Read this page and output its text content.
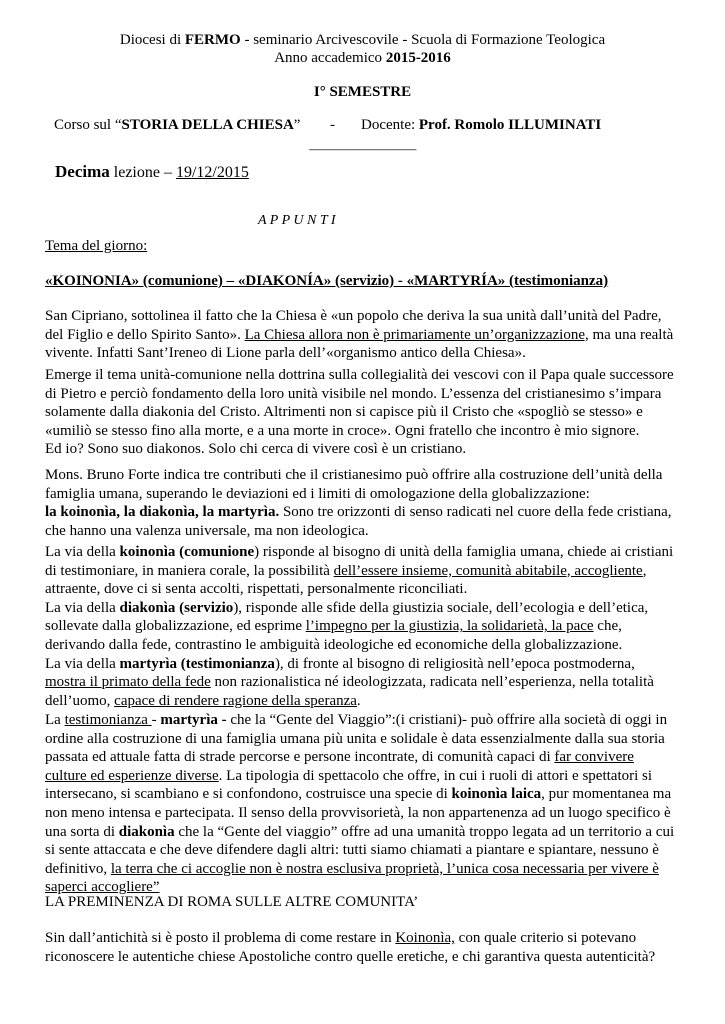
Diocesi di FERMO - seminario Arcivescovile - Scuola di Formazione Teologica
Anno accademico 2015-2016
I° SEMESTRE
Corso sul “STORIA DELLA CHIESA” - Docente: Prof. Romolo ILLUMINATI
-------------------------------------------
Decima lezione – 19/12/2015
A P P U N T I
Tema del giorno:
«KOINONIA» (comunione) – «DIAKONÍA» (servizio) - «MARTYRÍA» (testimonianza)
San Cipriano, sottolinea il fatto che la Chiesa è «un popolo che deriva la sua unità dall’unità del Padre,
del Figlio e dello Spirito Santo». La Chiesa allora non è primariamente un’organizzazione, ma una realtà
vivente. Infatti Sant’Ireneo di Lione parla dell’«organismo antico della Chiesa».
Emerge il tema unità-comunione nella dottrina sulla collegialità dei vescovi con il Papa quale successore
di Pietro e perciò fondamento della loro unità visibile nel mondo. L’essenza del cristianesimo s’impara
solamente dalla diakonia del Cristo. Altrimenti non si capisce più il Cristo che «spogliò se stesso» e
«umiliò se stesso fino alla morte, e a una morte in croce». Ogni fratello che incontro è mio signore.
Ed io? Sono suo diakonos. Solo chi cerca di vivere così è un cristiano.
Mons. Bruno Forte indica tre contributi che il cristianesimo può offrire alla costruzione dell’unità della
famiglia umana, superando le deviazioni ed i limiti di omologazione della globalizzazione:
la koinonìa, la diakonìa, la martyrìa. Sono tre orizzonti di senso radicati nel cuore della fede cristiana,
che hanno una valenza universale, ma non ideologica.
La via della koinonìa (comunione) risponde al bisogno di unità della famiglia umana, chiede ai cristiani
di testimoniare, in maniera corale, la possibilità dell’essere insieme, comunità abitabile, accogliente,
attraente, dove ci si senta accolti, rispettati, personalmente riconciliati.
La via della diakonìa (servizio), risponde alle sfide della giustizia sociale, dell’ecologia e dell’etica,
sollevate dalla globalizzazione, ed esprime l’impegno per la giustizia, la solidarietà, la pace che,
derivando dalla fede, contrastino le ambiguità ideologiche ed economiche della globalizzazione.
La via della martyrìa (testimonianza), di fronte al bisogno di religiosità nell’epoca postmoderna,
mostra il primato della fede non razionalistica né ideologizzata, radicata nell’esperienza, nella totalità
dell’uomo, capace di rendere ragione della speranza.
La testimonianza - martyrìa - che la “Gente del Viaggio”:(i cristiani)- può offrire alla società di oggi in
ordine alla costruzione di una famiglia umana più unita e solidale è data essenzialmente dalla sua storia
passata ed attuale fatta di strade percorse e persone incontrate, di comunità capaci di far convivere
culture ed esperienze diverse. La tipologia di spettacolo che offre, in cui i ruoli di attori e spettatori si
intersecano, si scambiano e si confondono, costruisce una specie di koinonìa laica, pur momentanea ma
non meno intensa e partecipata. Il senso della provvisorietà, la non appartenenza ad un luogo specifico è
una sorta di diakonìa che la “Gente del viaggio” offre ad una umanità troppo legata ad un territorio a cui
si sente attaccata e che deve difendere dagli altri: tutti siamo chiamati a piantare e spiantare, nessuno è
definitivo, la terra che ci accoglie non è nostra esclusiva proprietà, l’unica cosa necessaria per vivere è
saperci accogliere”
LA PREMINENZA DI ROMA SULLE ALTRE COMUNITA’
Sin dall’antichità si è posto il problema di come restare in Koinonìa, con quale criterio si potevano
riconoscere le autentiche chiese Apostoliche contro quelle eretiche, e chi garantiva questa autenticità?
